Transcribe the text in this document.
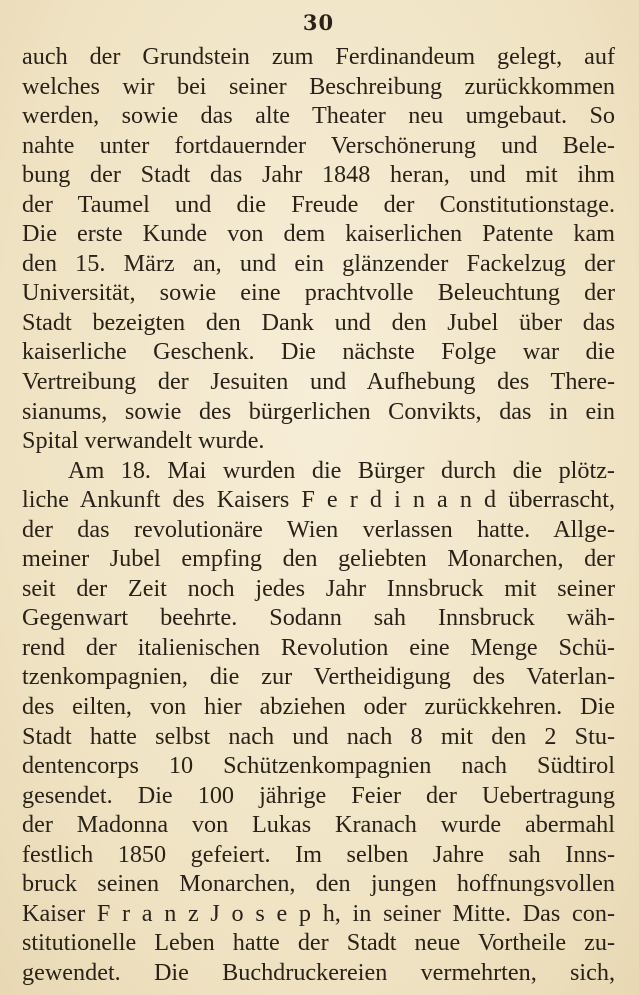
30
auch der Grundstein zum Ferdinandeum gelegt, auf
welches wir bei seiner Beschreibung zurückkommen
werden, sowie das alte Theater neu umgebaut. So
nahte unter fortdauernder Verschönerung und Bele-
bung der Stadt das Jahr 1848 heran, und mit ihm
der Taumel und die Freude der Constitutionstage.
Die erste Kunde von dem kaiserlichen Patente kam
den 15. März an, und ein glänzender Fackelzug der
Universität, sowie eine prachtvolle Beleuchtung der
Stadt bezeigten den Dank und den Jubel über das
kaiserliche Geschenk. Die nächste Folge war die
Vertreibung der Jesuiten und Aufhebung des There-
sianums, sowie des bürgerlichen Convikts, das in ein
Spital verwandelt wurde.
Am 18. Mai wurden die Bürger durch die plötz-
liche Ankunft des Kaisers F e r d i n a n d überrascht,
der das revolutionäre Wien verlassen hatte. Allge-
meiner Jubel empfing den geliebten Monarchen, der
seit der Zeit noch jedes Jahr Innsbruck mit seiner
Gegenwart beehrte. Sodann sah Innsbruck wäh-
rend der italienischen Revolution eine Menge Schü-
tzenkompagnien, die zur Vertheidigung des Vaterlan-
des eilten, von hier abziehen oder zurückkehren. Die
Stadt hatte selbst nach und nach 8 mit den 2 Stu-
dentencorps 10 Schützenkompagnien nach Südtirol
gesendet. Die 100 jährige Feier der Uebertragung
der Madonna von Lukas Kranach wurde abermahl
festlich 1850 gefeiert. Im selben Jahre sah Inns-
bruck seinen Monarchen, den jungen hoffnungsvollen
Kaiser F r a n z J o s e p h, in seiner Mitte. Das con-
stitutionelle Leben hatte der Stadt neue Vortheile zu-
gewendet. Die Buchdruckereien vermehrten, sich,
